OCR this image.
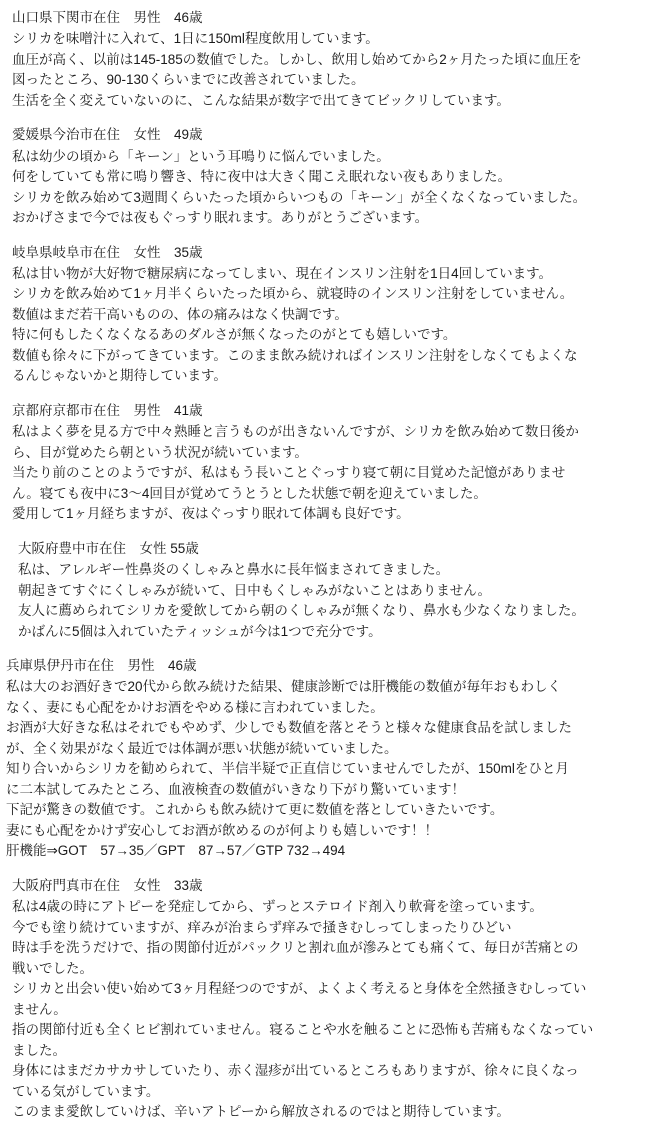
山口県下関市在住　男性　46歳

シリカを味噌汁に入れて、1日に150ml程度飲用しています。

血圧が高く、以前は145-185の数値でした。しかし、飲用し始めてから2ヶ月たった頃に血圧を

図ったところ、90-130くらいまでに改善されていました。

生活を全く変えていないのに、こんな結果が数字で出てきてビックリしています。

愛媛県今治市在住　女性　49歳

私は幼少の頃から「キーン」という耳鳴りに悩んでいました。

何をしていても常に鳴り響き、特に夜中は大きく聞こえ眠れない夜もありました。

シリカを飲み始めて3週間くらいたった頃からいつもの「キーン」が全くなくなっていました。

おかげさまで今では夜もぐっすり眠れます。ありがとうございます。

岐阜県岐阜市在住　女性　35歳

私は甘い物が大好物で糖尿病になってしまい、現在インスリン注射を1日4回しています。

シリカを飲み始めて1ヶ月半くらいたった頃から、就寝時のインスリン注射をしていません。

数値はまだ若干高いものの、体の痛みはなく快調です。

特に何もしたくなくなるあのダルさが無くなったのがとても嬉しいです。

数値も徐々に下がってきています。このまま飲み続ければインスリン注射をしなくてもよくな

るんじゃないかと期待しています。

京都府京都市在住　男性　41歳

私はよく夢を見る方で中々熟睡と言うものが出きないんですが、シリカを飲み始めて数日後か

ら、目が覚めたら朝という状況が続いています。

当たり前のことのようですが、私はもう長いことぐっすり寝て朝に目覚めた記憶がありませ

ん。寝ても夜中に3～4回目が覚めてうとうとした状態で朝を迎えていました。

愛用して1ヶ月経ちますが、夜はぐっすり眠れて体調も良好です。

大阪府豊中市在住　女性 55歳

私は、アレルギー性鼻炎のくしゃみと鼻水に長年悩まされてきました。

朝起きてすぐにくしゃみが続いて、日中もくしゃみがないことはありません。

友人に薦められてシリカを愛飲してから朝のくしゃみが無くなり、鼻水も少なくなりました。

かばんに5個は入れていたティッシュが今は1つで充分です。

兵庫県伊丹市在住　男性　46歳

私は大のお酒好きで20代から飲み続けた結果、健康診断では肝機能の数値が毎年おもわしく

なく、妻にも心配をかけお酒をやめる様に言われていました。

お酒が大好きな私はそれでもやめず、少しでも数値を落とそうと様々な健康食品を試しました

が、全く効果がなく最近では体調が悪い状態が続いていました。

知り合いからシリカを勧められて、半信半疑で正直信じていませんでしたが、150mlをひと月

に二本試してみたところ、血液検査の数値がいきなり下がり驚いています！

下記が驚きの数値です。これからも飲み続けて更に数値を落としていきたいです。

妻にも心配をかけず安心してお酒が飲めるのが何よりも嬉しいです！！

肝機能⇒GOT　57→35／GPT　87→57／GTP 732→494

大阪府門真市在住　女性　33歳

私は4歳の時にアトピーを発症してから、ずっとステロイド剤入り軟膏を塗っています。

今でも塗り続けていますが、痒みが治まらず痒みで掻きむしってしまったりひどい

時は手を洗うだけで、指の関節付近がパックリと割れ血が滲みとても痛くて、毎日が苦痛との

戦いでした。

シリカと出会い使い始めて3ヶ月程経つのですが、よくよく考えると身体を全然掻きむしってい

ません。

指の関節付近も全くヒビ割れていません。寝ることや水を触ることに恐怖も苦痛もなくなってい

ました。

身体にはまだカサカサしていたり、赤く湿疹が出ているところもありますが、徐々に良くなっ

ている気がしています。

このまま愛飲していけば、辛いアトピーから解放されるのではと期待しています。
